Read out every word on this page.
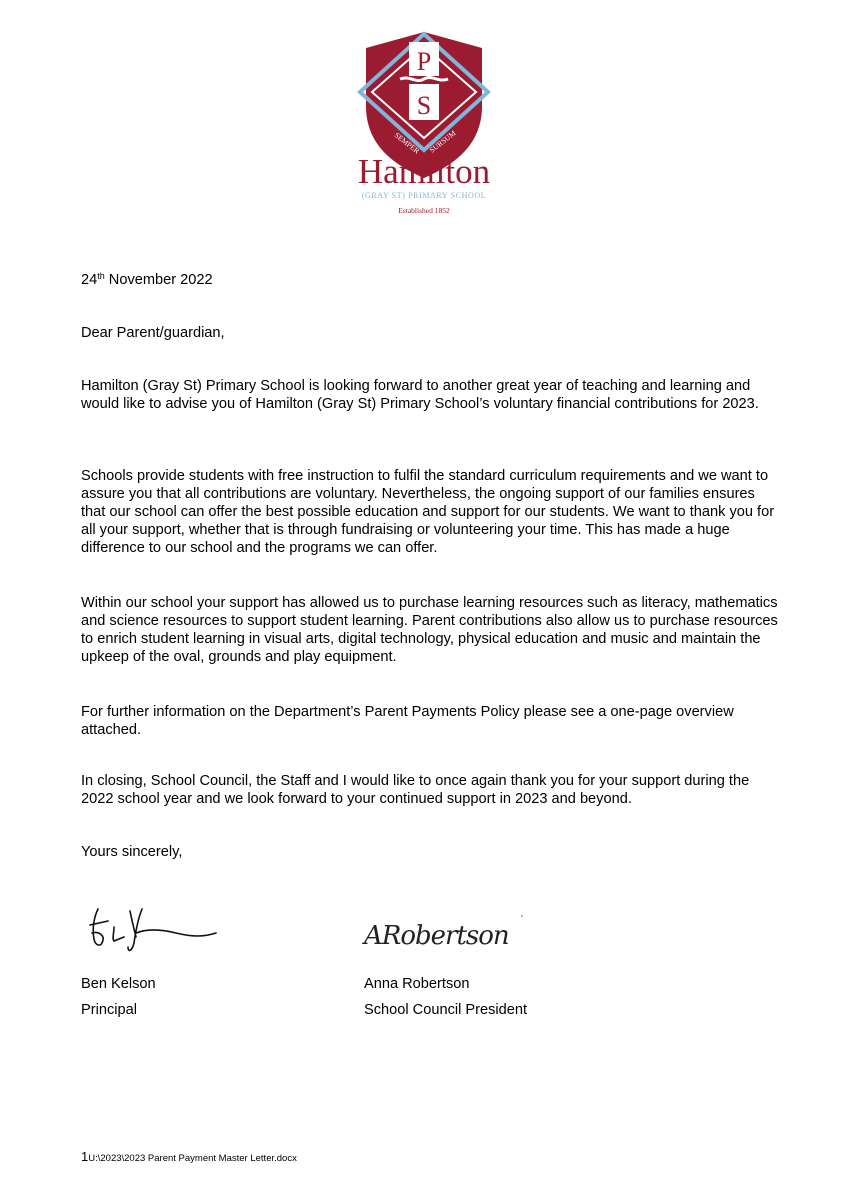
P
S
SEMPER SURSUM
Hamilton
(GRAY ST) PRIMARY SCHOOL
Established 1852
24th November 2022
Dear Parent/guardian,
Hamilton (Gray St) Primary School is looking forward to another great year of teaching and learning and would like to advise you of Hamilton (Gray St) Primary School’s voluntary financial contributions for 2023.
Schools provide students with free instruction to fulfil the standard curriculum requirements and we want to assure you that all contributions are voluntary. Nevertheless, the ongoing support of our families ensures that our school can offer the best possible education and support for our students. We want to thank you for all your support, whether that is through fundraising or volunteering your time. This has made a huge difference to our school and the programs we can offer.
Within our school your support has allowed us to purchase learning resources such as literacy, mathematics and science resources to support student learning. Parent contributions also allow us to purchase resources to enrich student learning in visual arts, digital technology, physical education and music and maintain the upkeep of the oval, grounds and play equipment.
For further information on the Department’s Parent Payments Policy please see a one-page overview attached.
In closing, School Council, the Staff and I would like to once again thank you for your support during the 2022 school year and we look forward to your continued support in 2023 and beyond.
Yours sincerely,
ARobertson
Ben Kelson
Principal
Anna Robertson
School Council President
1U:\2023\2023 Parent Payment Master Letter.docx
